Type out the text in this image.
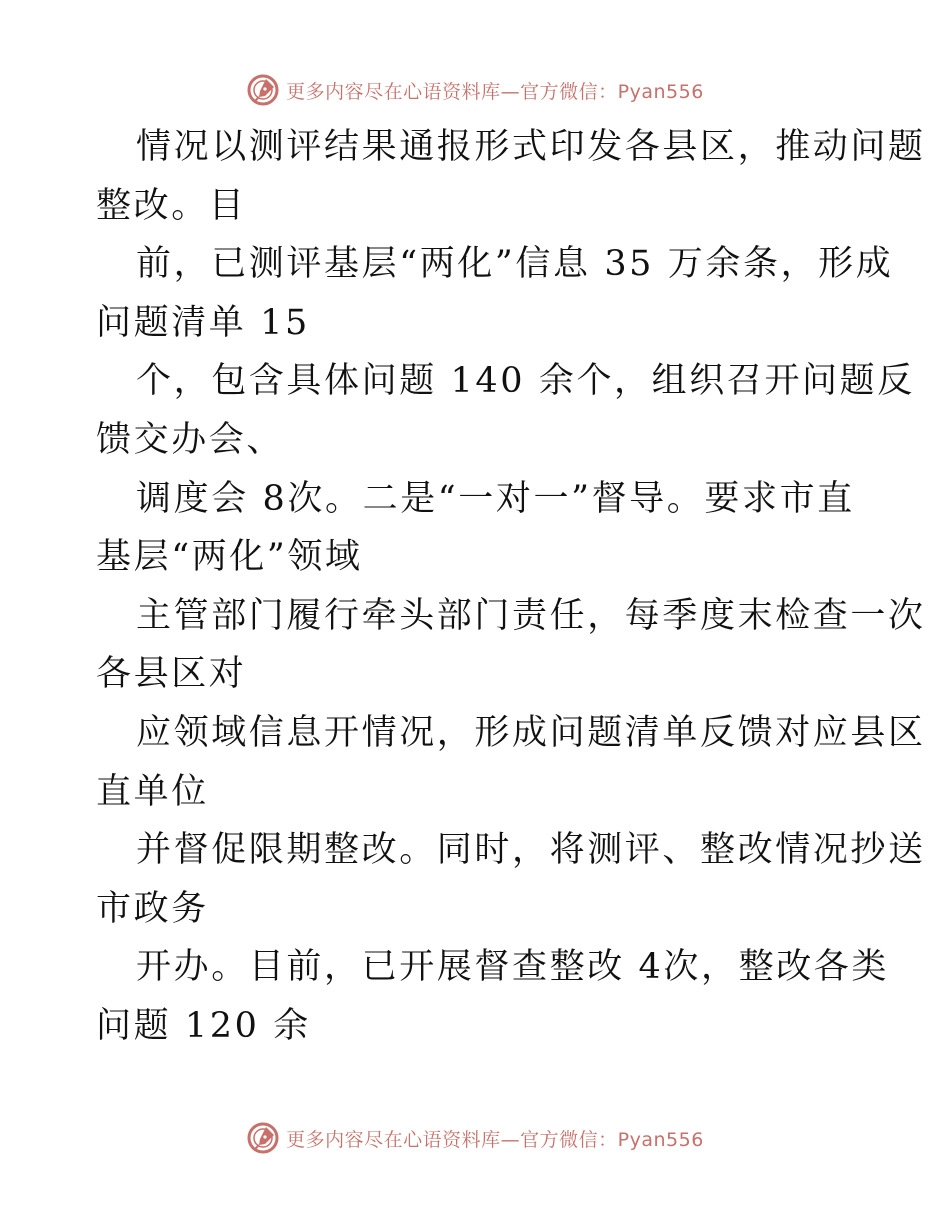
更多内容尽在心语资料库—官方微信：Pyan556

情况以测评结果通报形式印发各县区，推动问题

整改。目

前，已测评基层“两化”信息 35 万余条，形成

问题清单 15

个，包含具体问题 140 余个，组织召开问题反

馈交办会、

调度会 8次。二是“一对一”督导。要求市直

基层“两化”领域

主管部门履行牵头部门责任，每季度末检查一次

各县区对

应领域信息开情况，形成问题清单反馈对应县区

直单位

并督促限期整改。同时，将测评、整改情况抄送

市政务

开办。目前，已开展督查整改 4次，整改各类

问题 120 余

更多内容尽在心语资料库—官方微信：Pyan556
